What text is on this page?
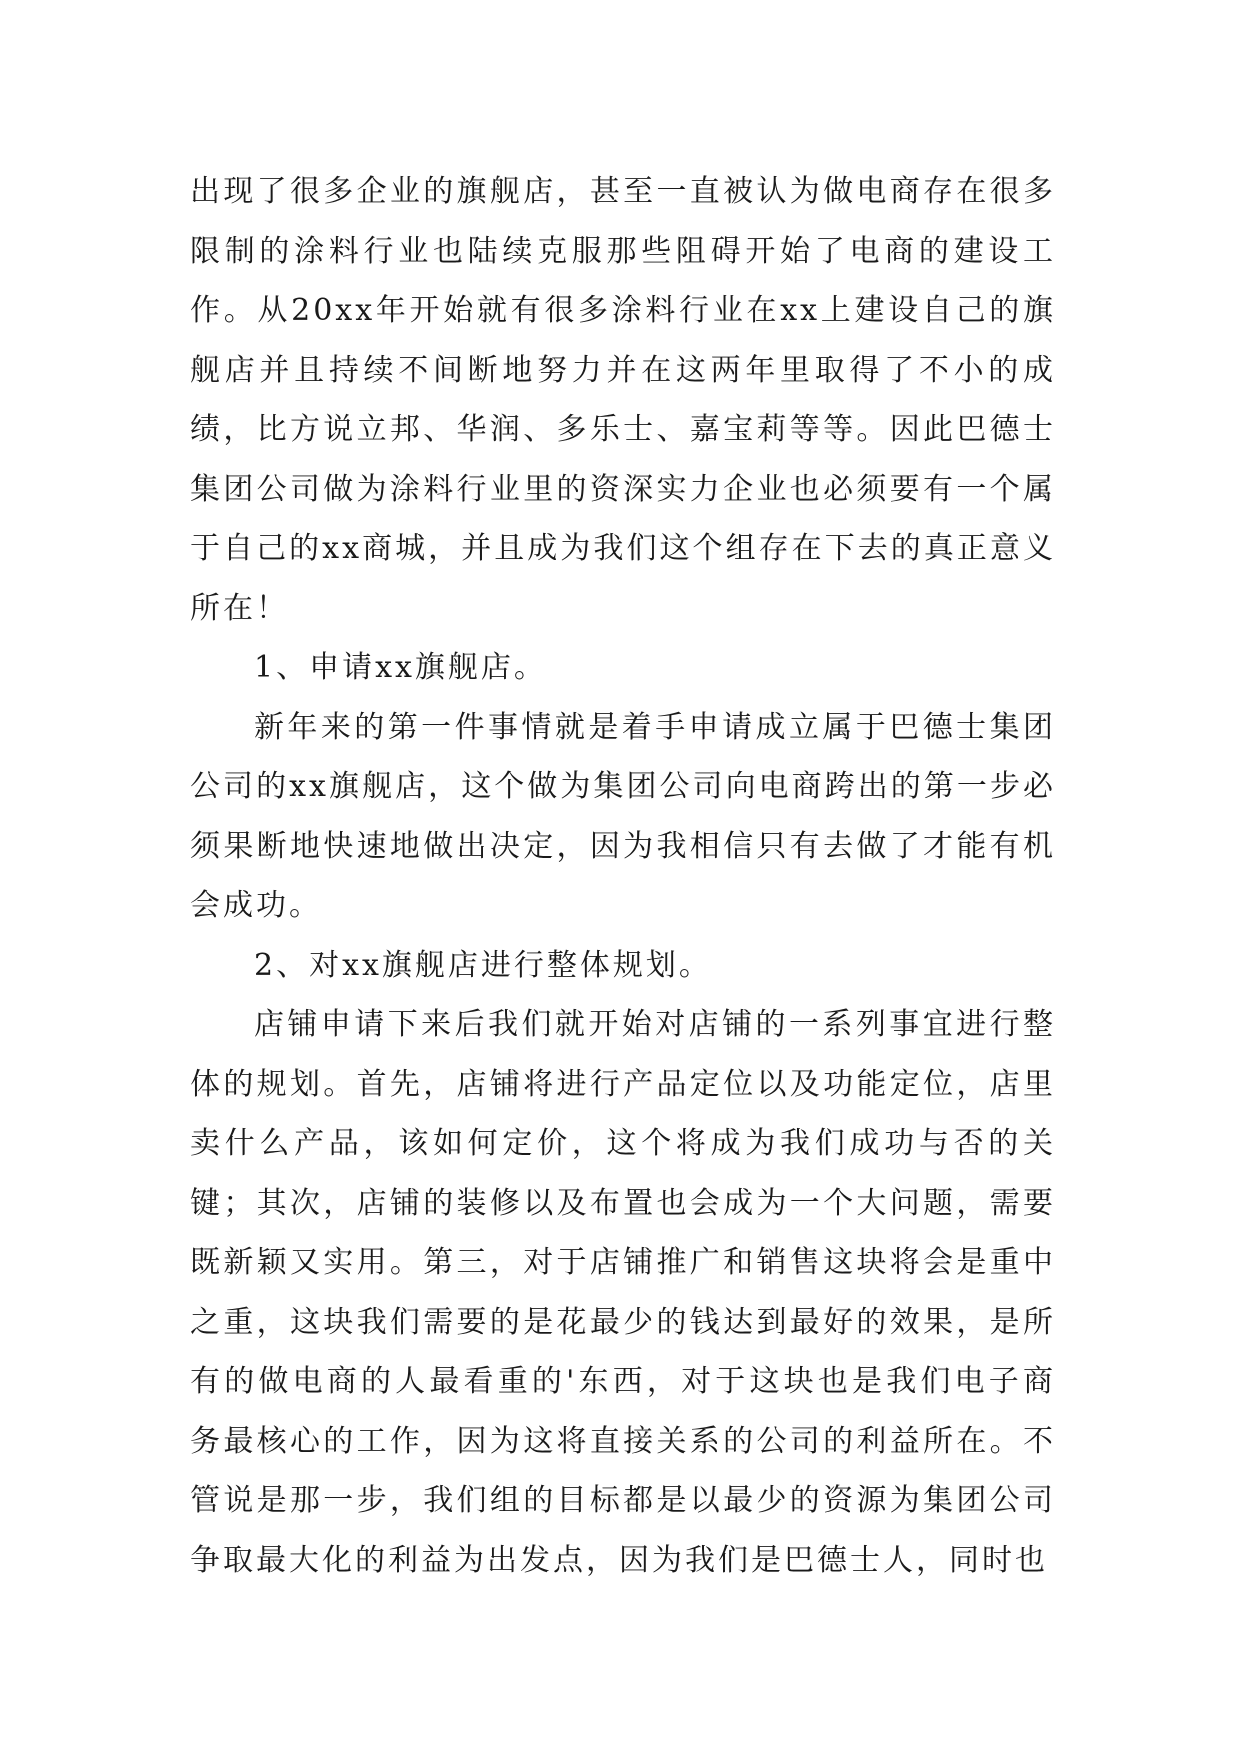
出现了很多企业的旗舰店，甚至一直被认为做电商存在很多限制的涂料行业也陆续克服那些阻碍开始了电商的建设工作。从20xx年开始就有很多涂料行业在xx上建设自己的旗舰店并且持续不间断地努力并在这两年里取得了不小的成绩，比方说立邦、华润、多乐士、嘉宝莉等等。因此巴德士集团公司做为涂料行业里的资深实力企业也必须要有一个属于自己的xx商城，并且成为我们这个组存在下去的真正意义所在！

1、申请xx旗舰店。

新年来的第一件事情就是着手申请成立属于巴德士集团公司的xx旗舰店，这个做为集团公司向电商跨出的第一步必须果断地快速地做出决定，因为我相信只有去做了才能有机会成功。

2、对xx旗舰店进行整体规划。

店铺申请下来后我们就开始对店铺的一系列事宜进行整体的规划。首先，店铺将进行产品定位以及功能定位，店里卖什么产品，该如何定价，这个将成为我们成功与否的关键；其次，店铺的装修以及布置也会成为一个大问题，需要既新颖又实用。第三，对于店铺推广和销售这块将会是重中之重，这块我们需要的是花最少的钱达到最好的效果，是所有的做电商的人最看重的'东西，对于这块也是我们电子商务最核心的工作，因为这将直接关系的公司的利益所在。不管说是那一步，我们组的目标都是以最少的资源为集团公司争取最大化的利益为出发点，因为我们是巴德士人，同时也
